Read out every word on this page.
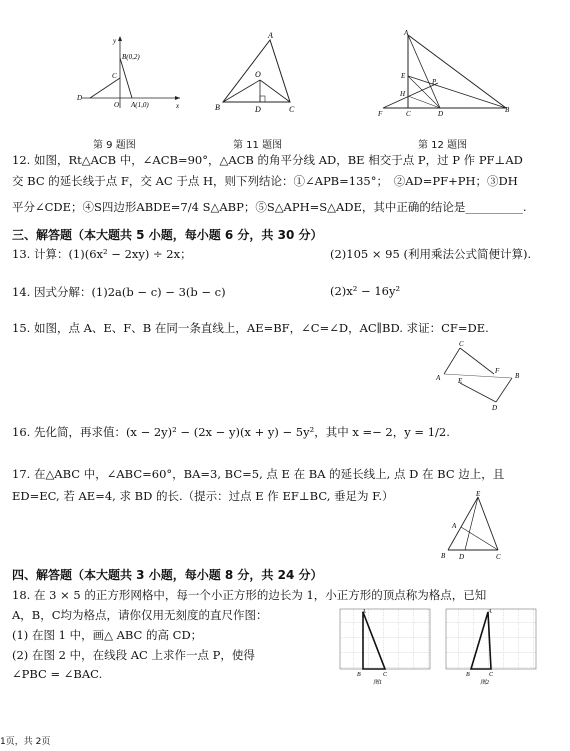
y
x
B(0,2)
C
D
O A(1,0)
第 9 题图
A
O
B	D	C
第 11 题图
A
E
H
P
F	C	D	B
第 12 题图
12. 如图，Rt△ACB 中，∠ACB=90°，△ACB 的角平分线 AD，BE 相交于点 P，过 P 作 PF⊥AD
交 BC 的延长线于点 F，交 AC 于点 H，则下列结论：①∠APB=135°；　②AD=PF+PH；③DH
平分∠CDE；④S四边形ABDE=7/4 S△ABP；⑤S△APH=S△ADE，其中正确的结论是__________.
三、解答题（本大题共 5 小题，每小题 6 分，共 30 分）
13. 计算：(1)(6x² − 2xy) ÷ 2x；	(2)105 × 95 (利用乘法公式简便计算).
14. 因式分解：(1)2a(b − c) − 3(b − c)	(2)x² − 16y²
15. 如图，点 A、E、F、B 在同一条直线上，AE=BF，∠C=∠D，AC∥BD. 求证：CF=DE.
A
C
E
F
D
B
16. 先化简，再求值：(x − 2y)² − (2x − y)(x + y) − 5y²，其中 x =− 2，y = 1/2.
17. 在△ABC 中，∠ABC=60°，BA=3, BC=5, 点 E 在 BA 的延长线上, 点 D 在 BC 边上，且
ED=EC, 若 AE=4, 求 BD 的长.（提示：过点 E 作 EF⊥BC, 垂足为 F.）	E
A
B D	C
四、解答题（本大题共 3 小题，每小题 8 分，共 24 分）
18. 在 3 × 5 的正方形网格中，每一个小正方形的边长为 1，小正方形的顶点称为格点，已知
A，B，C均为格点，请你仅用无刻度的直尺作图：
(1) 在图 1 中，画△ ABC 的高 CD；
(2) 在图 2 中，在线段 AC 上求作一点 P，使得
∠PBC = ∠BAC.
A
B	C
图1
A
B	C
图2
1页，共 2页
